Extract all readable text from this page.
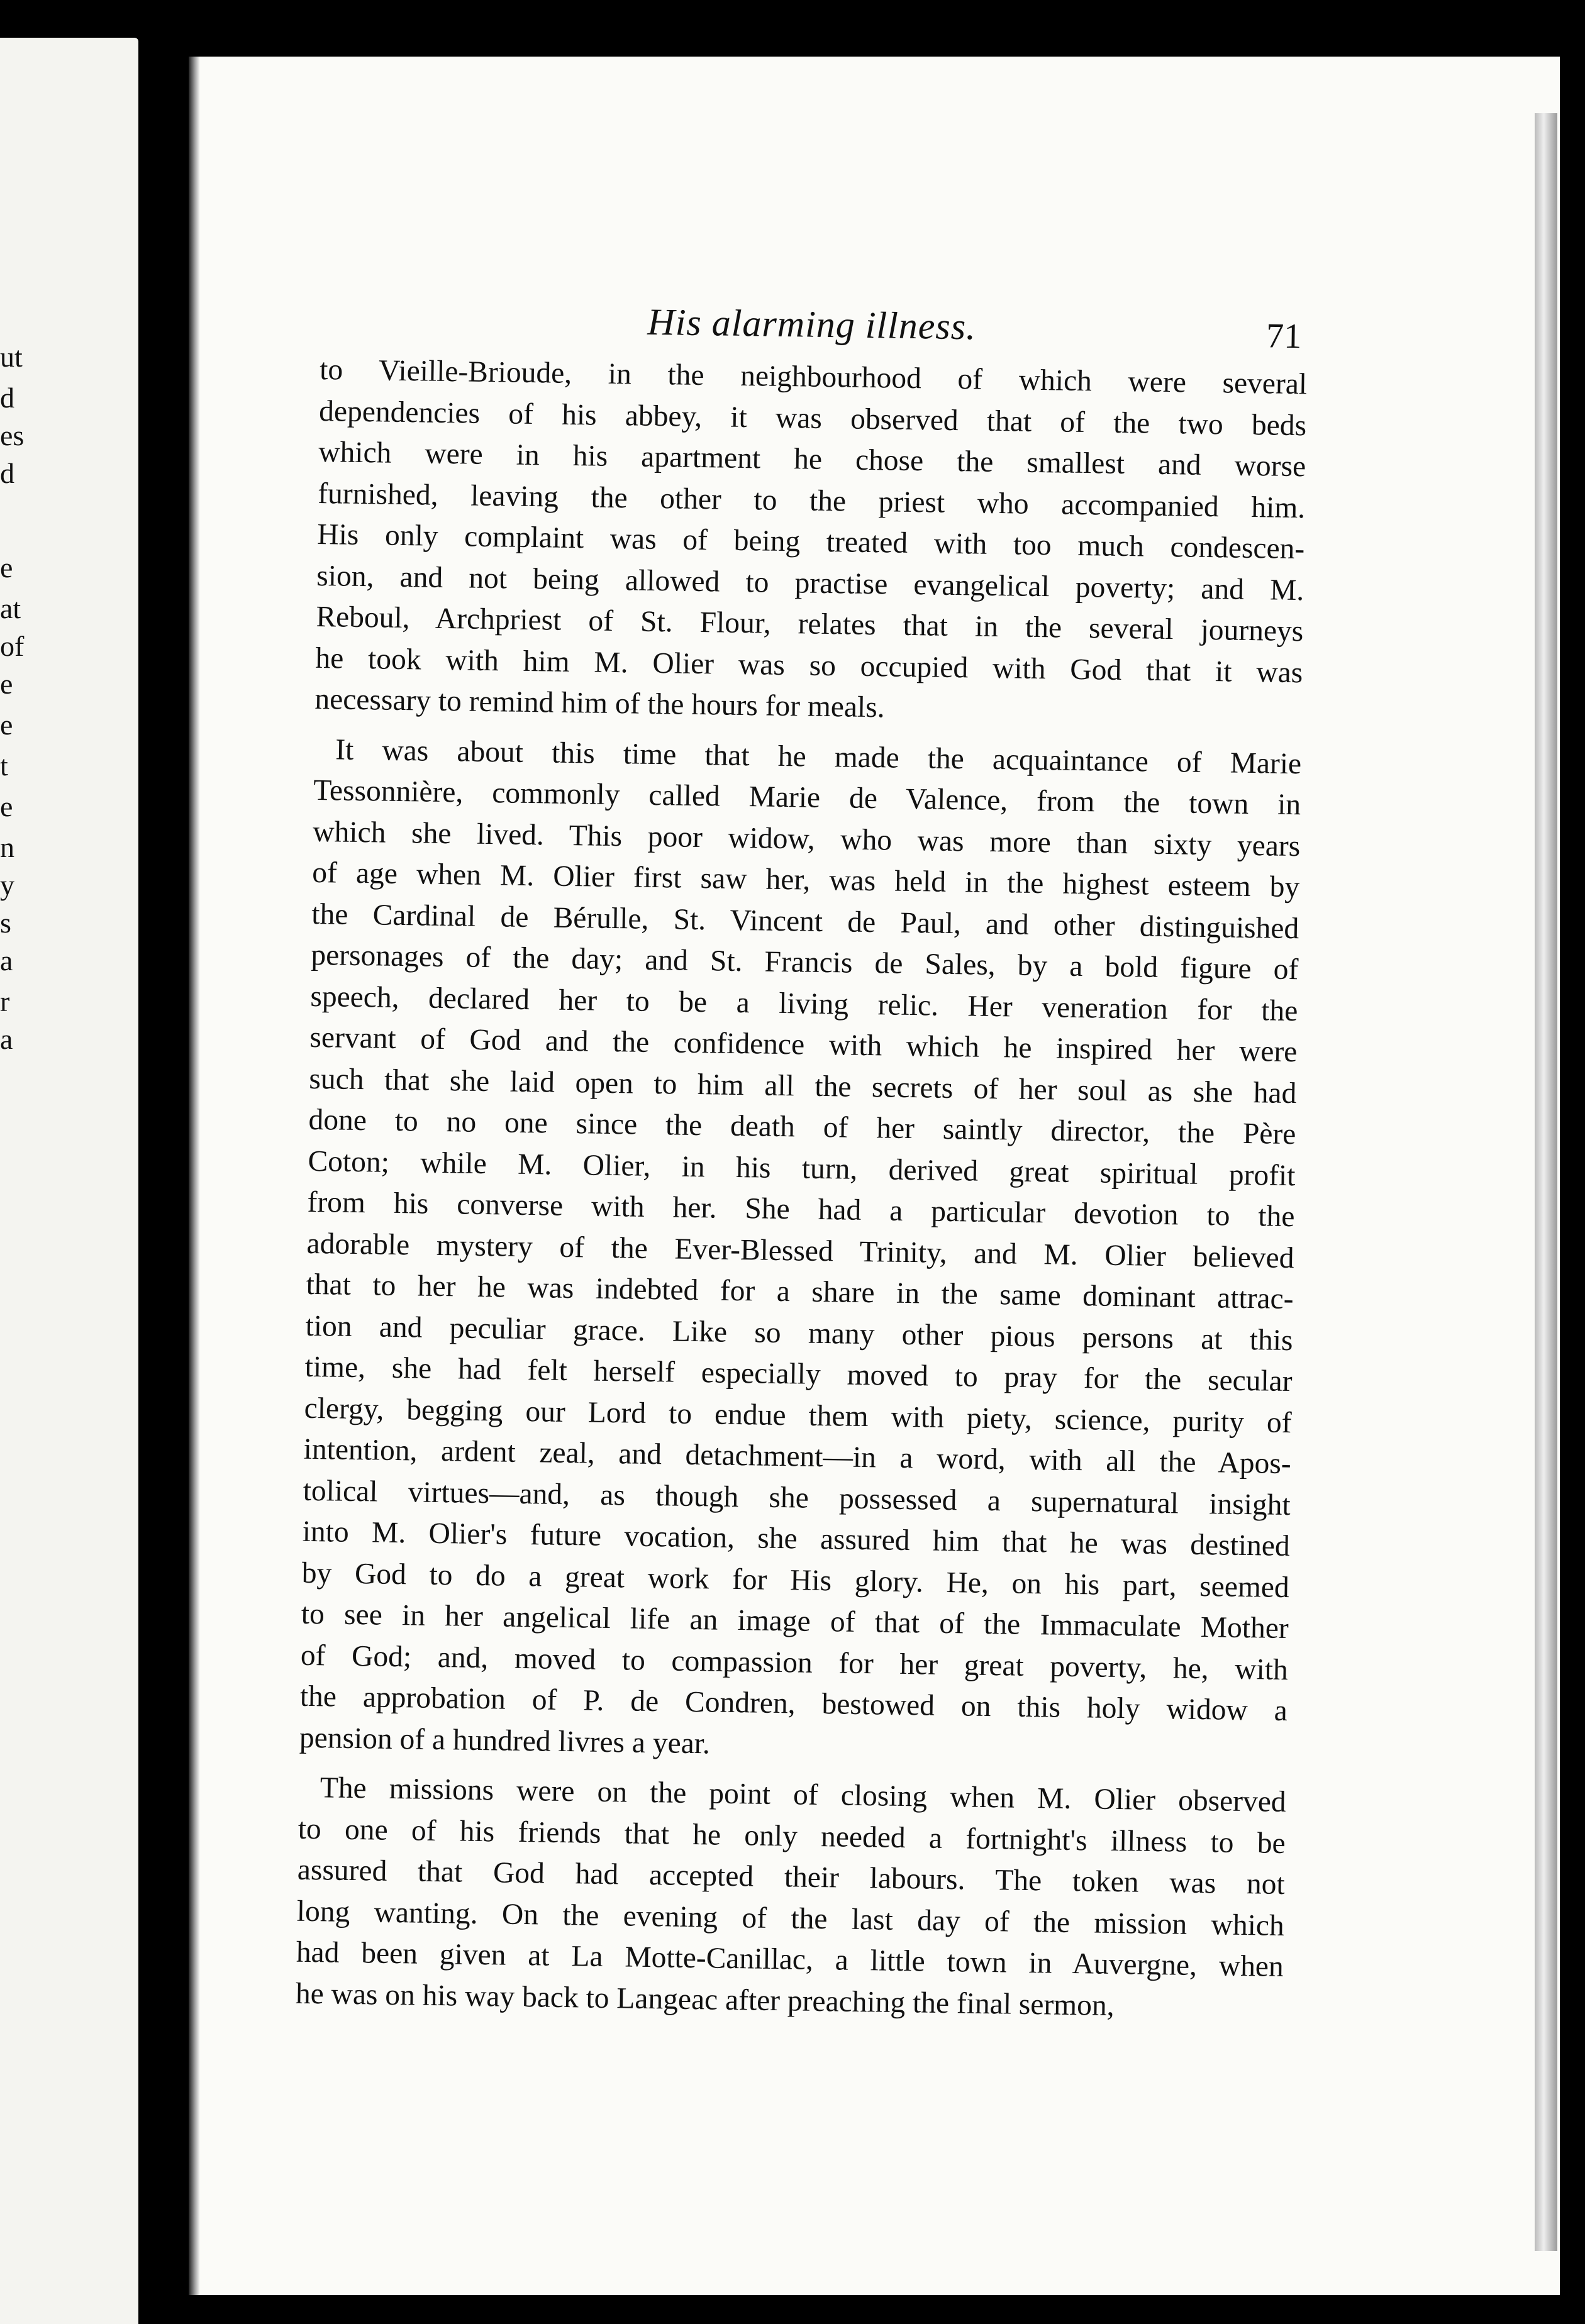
ut
d
es
d
e
at
of
e
e
t
e
n
y
s
a
r
a
His alarming illness.	71
to Vieille-Brioude, in the neighbourhood of which were several
dependencies of his abbey, it was observed that of the two beds
which were in his apartment he chose the smallest and worse
furnished, leaving the other to the priest who accompanied him.
His only complaint was of being treated with too much condescen-
sion, and not being allowed to practise evangelical poverty; and M.
Reboul, Archpriest of St. Flour, relates that in the several journeys
he took with him M. Olier was so occupied with God that it was
necessary to remind him of the hours for meals.
It was about this time that he made the acquaintance of Marie
Tessonnière, commonly called Marie de Valence, from the town in
which she lived. This poor widow, who was more than sixty years
of age when M. Olier first saw her, was held in the highest esteem by
the Cardinal de Bérulle, St. Vincent de Paul, and other distinguished
personages of the day; and St. Francis de Sales, by a bold figure of
speech, declared her to be a living relic. Her veneration for the
servant of God and the confidence with which he inspired her were
such that she laid open to him all the secrets of her soul as she had
done to no one since the death of her saintly director, the Père
Coton; while M. Olier, in his turn, derived great spiritual profit
from his converse with her. She had a particular devotion to the
adorable mystery of the Ever-Blessed Trinity, and M. Olier believed
that to her he was indebted for a share in the same dominant attrac-
tion and peculiar grace. Like so many other pious persons at this
time, she had felt herself especially moved to pray for the secular
clergy, begging our Lord to endue them with piety, science, purity of
intention, ardent zeal, and detachment—in a word, with all the Apos-
tolical virtues—and, as though she possessed a supernatural insight
into M. Olier's future vocation, she assured him that he was destined
by God to do a great work for His glory. He, on his part, seemed
to see in her angelical life an image of that of the Immaculate Mother
of God; and, moved to compassion for her great poverty, he, with
the approbation of P. de Condren, bestowed on this holy widow a
pension of a hundred livres a year.
The missions were on the point of closing when M. Olier observed
to one of his friends that he only needed a fortnight's illness to be
assured that God had accepted their labours. The token was not
long wanting. On the evening of the last day of the mission which
had been given at La Motte-Canillac, a little town in Auvergne, when
he was on his way back to Langeac after preaching the final sermon,
